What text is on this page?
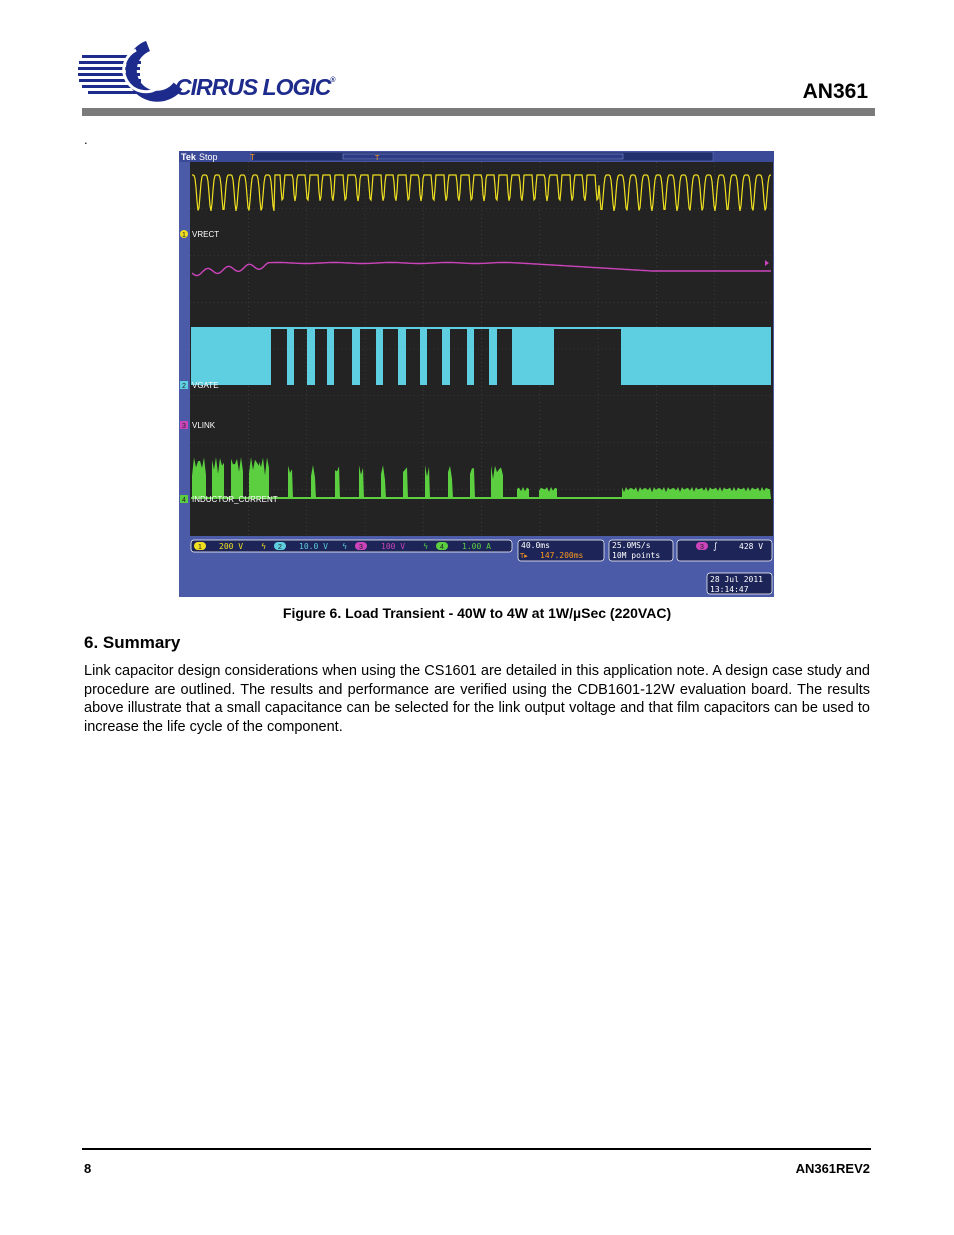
CIRRUS LOGIC®	AN361
.
Tek Stop	T	T
1 VRECT
2 VGATE
3 VLINK
4 INDUCTOR_CURRENT
1 200 V ϟ 2 10.0 V ϟ 3 100 V ϟ 4 1.00 A	40.0ms
T▸ 147.200ms
25.0MS/s
10M points
3 ∫	428 V
28 Jul 2011
13:14:47
Figure 6. Load Transient - 40W to 4W at 1W/µSec (220VAC)
6. Summary
Link capacitor design considerations when using the CS1601 are detailed in this application note. A design case study and procedure are outlined. The results and performance are verified using the CDB1601-12W evaluation board. The results above illustrate that a small capacitance can be selected for the link output voltage and that film capacitors can be used to increase the life cycle of the component.
8	AN361REV2
